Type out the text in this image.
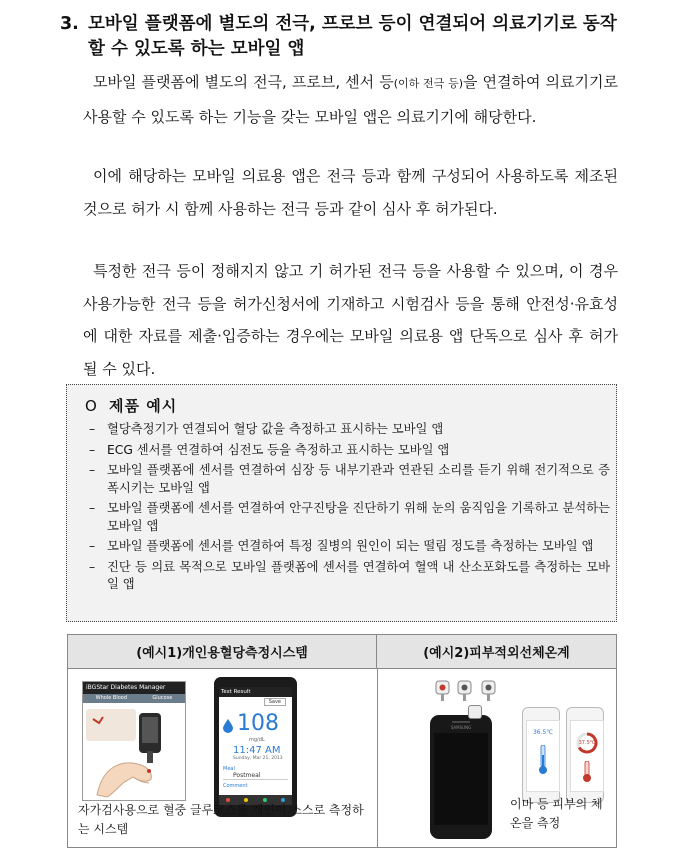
3. 모바일 플랫폼에 별도의 전극, 프로브 등이 연결되어 의료기기로 동작할 수 있도록 하는 모바일 앱
모바일 플랫폼에 별도의 전극, 프로브, 센서 등(이하 전극 등)을 연결하여 의료기기로 사용할 수 있도록 하는 기능을 갖는 모바일 앱은 의료기기에 해당한다.
이에 해당하는 모바일 의료용 앱은 전극 등과 함께 구성되어 사용하도록 제조된 것으로 허가 시 함께 사용하는 전극 등과 같이 심사 후 허가된다.
특정한 전극 등이 정해지지 않고 기 허가된 전극 등을 사용할 수 있으며, 이 경우 사용가능한 전극 등을 허가신청서에 기재하고 시험검사 등을 통해 안전성·유효성에 대한 자료를 제출·입증하는 경우에는 모바일 의료용 앱 단독으로 심사 후 허가 될 수 있다.
O 제품 예시
– 혈당측정기가 연결되어 혈당 값을 측정하고 표시하는 모바일 앱
– ECG 센서를 연결하여 심전도 등을 측정하고 표시하는 모바일 앱
– 모바일 플랫폼에 센서를 연결하여 심장 등 내부기관과 연관된 소리를 듣기 위해 전기적으로 증폭시키는 모바일 앱
– 모바일 플랫폼에 센서를 연결하여 안구진탕을 진단하기 위해 눈의 움직임을 기록하고 분석하는 모바일 앱
– 모바일 플랫폼에 센서를 연결하여 특정 질병의 원인이 되는 떨림 정도를 측정하는 모바일 앱
– 진단 등 의료 목적으로 모바일 플랫폼에 센서를 연결하여 혈액 내 산소포화도를 측정하는 모바일 앱
(예시1)개인용혈당측정시스템	(예시2)피부적외선체온계
iBGStar Diabetes Manager
Whole Blood	Glucose
Test Result
Save
108
mg/dL
11:47 AM
Sunday, Mar 21, 2013
Meal
Postmeal
Comment
자가검사용으로 혈중 글루코스를 개인이 스스로 측정하는 시스템
SAMSUNG
36.5℃
37.5℃
이마 등 피부의 체온을 측정
